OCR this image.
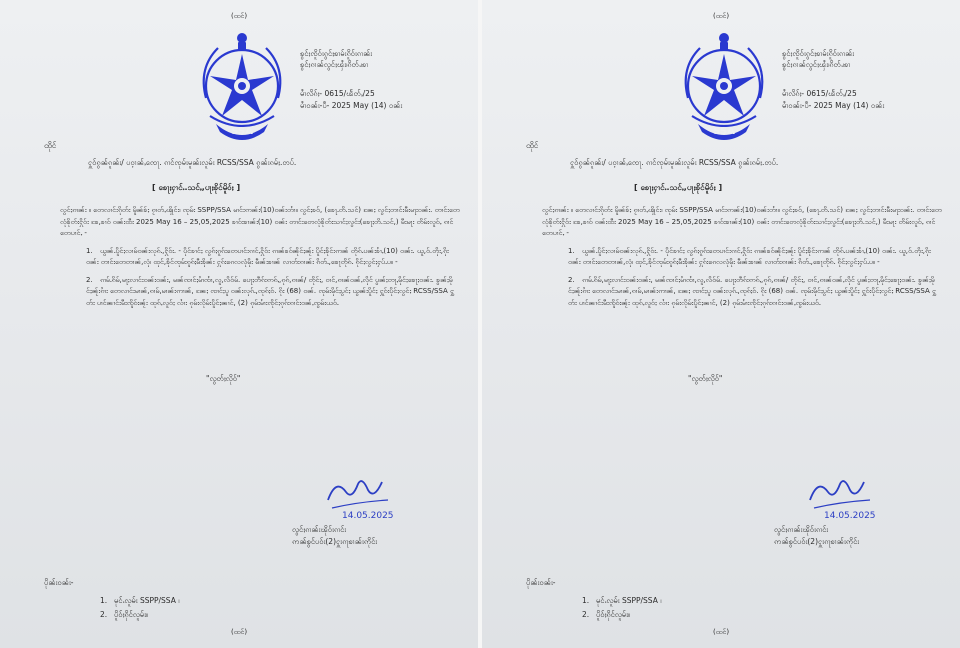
(ထင်)
SSA
ၶွင်ႈၸိူဝ်းၵွင်ႈၶၢမ်းၵိူဝ်းၵၢၼ်း
ၶွင်ႈၵၢၼ်လွင်ႈၾႆး၊ၵိတ်ႉ၊ၶၢ
မၢႆလိၵ်ႈ- 0615/ၽႅတ်ႇ/25
မၢႆဝၼ်း-ပီ- 2025 May (14) ဝၼ်း
ထိုင်
ႁူဝ်ၵွၼ်ၵူၼ်း/ ပဝ့ၢၼ်ႇၸေႃ. ၵၢင်ၸုမ်းမူၼ်းလူမ်း RCSS/SSA ၵွၼ်းၵမ်ႈ.တပ်.
[ ၶေႃႈႁၢင်ႉ.သင်ႇ,ပႃႈၶိုင်မိူဝ်ႈ ]

လွင်ႈၵၢၼ်း ။ တေလၢင်းၵိုတ်း မိူၼ်ၶ်ႈ ၵႂၢတ်ႇၾိုင်း၊ ၸုမ်း SSPP/SSA မၢင်းဢၼ်း(10)ဝၼ်းတၢႆ။ လွင်ႈၶဝ်, (ၶေႃႉတိ.သင်) ၼႄႈ လွင်ႈတၢင်းမီးမႃးဝၼ်း. တၢင်းတေလုံၶိုတ်းႁိုဝ်း ၶႄ,ၶၢဝ် ဝၼ်းထီး 2025 May 16 – 25,05,2025 ၶၢဝ်းၶၢၼ်း(10) ဝၼ်း တၢင်းတေလုံၶိုတ်းသၢင်ႈလွင်း(ၶေႃႈတိ.သင်,) မီးမႃး တိမ်းလူဝ်ႇ ၵၢင်တေပၢင်ႇ -

1. ယွၼ်ႉပိူင်ႈလၢမ်ဝၼ်းလုၵ်ႉ,ႁိုဝ်း. - ပိုင်ၶၢင်ႈ လွၵ်ႈၵူၵ်းတေပၢင်းၵၢင်ႇႁိုဝ်း ၵၢၼ်ၶဝ်ၼိုင်ႈၼႂ်း ပိူင်ႈၶိုင်းဢၼ် တိုၵ်ႉပၼ်းၶၢႆႇ(10) ဝၼ်း. ယူ,ဝ်.တိုး,ၵိုးဝၼ်း တၢင်းတေတၢၼ်,လုံ၊ ထုင်,ၶိုင်ၸုမ်းၵူၵ်ႈမီးၶိုၼ်း ႁုၵ်းၵေလလုံမိုး မဵၼ်းၶၢၼ် လၢတ်းၵၢၼ်း ၵိတ်ႉ,ၶေႃတိုၵ်ႉ ၵိုင်ႈလွင်ႈႁပ်ႉပ။ -

2. ၵၢမ်ႉၵိမ်,မႃႈလၢင်းဝၼ်းဝၼ်း, မၼ်ၸၢင်ႈမၢႆၸၢႆ,လူ,လိဝ်မ်. ပေႃႈတဵၵ်းဢၵ်ႇ,ၵုၵ်,ၵၢၼ်/ တိုင်ႈ, ဝၢင်,ၵၢၼ်ဝၼ်ႇလိုင် ပွၼ်ႈတႃႇမိုင်ႈၶေႃႈဝၼ်း. ၶွၼ်ႈမိုင်ႈၼႂ်းၵၢႆး တေလၢင်းမၢၼ်,ၵၢမ်,မၢၼ်းဢၢၼ်, ၼႄႈ ၸၢင်ႈပူ ဝၼ်းလုၵ်ႉ,ၸုၵ်ႈဝ်. ၵိုး (68) ဝၼ်. ၸုမ်းမိုင်ႈပွင်ႈ ယွၼ်းပိူင်ႈ ႁူဝ်းပိုင်ႈလွင်ႈ RCSS/SSA ႁွတ်း ပၢင်ၼၢင်းမီးၸိူဝ်းၼႂ်း ထုၵ်ႇလူဝ်ႈ လၢႆး ၵုမ်းလိုမ်းပိူင်ႈၼၢင်, (2) ၵုမ်းမၢႆးၸိုင်ႈၵုၵ်းၵၢင်းဝၼ်ႇၸွမ်းယဝ်ႉ

"လွတ်ႈလိုဝ်"
14.05.2025
လွင်ႈၵၢၼ်းၽိုဝ်းၵၢင်း
ဢၼ်ၶွင်ပဝ်း(2)ႁူးၵႃၶၢၼ်းဢိုင်း
ပိုၼ်းဝၼ်း-
1. မုင်ႉလူမ်း SSPP/SSA ၊
2. ပိူဝ်ႈၵိုင်လူမ်း။
(ထင်)
(ထင်)
SSA
ၶွင်ႈၸိူဝ်းၵွင်ႈၶၢမ်းၵိူဝ်းၵၢၼ်း
ၶွင်ႈၵၢၼ်လွင်ႈၾႆး၊ၵိတ်ႉ၊ၶၢ
မၢႆလိၵ်ႈ- 0615/ၽႅတ်ႇ/25
မၢႆဝၼ်း-ပီ- 2025 May (14) ဝၼ်း
ထိုင်
ႁူဝ်ၵွၼ်ၵူၼ်း/ ပဝ့ၢၼ်ႇၸေႃ. ၵၢင်ၸုမ်းမူၼ်းလူမ်း RCSS/SSA ၵွၼ်းၵမ်ႈ.တပ်.
[ ၶေႃႈႁၢင်ႉ.သင်ႇ,ပႃႈၶိုင်မိူဝ်ႈ ]

လွင်ႈၵၢၼ်း ။ တေလၢင်းၵိုတ်း မိူၼ်ၶ်ႈ ၵႂၢတ်ႇၾိုင်း၊ ၸုမ်း SSPP/SSA မၢင်းဢၼ်း(10)ဝၼ်းတၢႆ။ လွင်ႈၶဝ်, (ၶေႃႉတိ.သင်) ၼႄႈ လွင်ႈတၢင်းမီးမႃးဝၼ်း. တၢင်းတေလုံၶိုတ်းႁိုဝ်း ၶႄ,ၶၢဝ် ဝၼ်းထီး 2025 May 16 – 25,05,2025 ၶၢဝ်းၶၢၼ်း(10) ဝၼ်း တၢင်းတေလုံၶိုတ်းသၢင်ႈလွင်း(ၶေႃႈတိ.သင်,) မီးမႃး တိမ်းလူဝ်ႇ ၵၢင်တေပၢင်ႇ -

1. ယွၼ်ႉပိူင်ႈလၢမ်ဝၼ်းလုၵ်ႉ,ႁိုဝ်း. - ပိုင်ၶၢင်ႈ လွၵ်ႈၵူၵ်းတေပၢင်းၵၢင်ႇႁိုဝ်း ၵၢၼ်ၶဝ်ၼိုင်ႈၼႂ်း ပိူင်ႈၶိုင်းဢၼ် တိုၵ်ႉပၼ်းၶၢႆႇ(10) ဝၼ်း. ယူ,ဝ်.တိုး,ၵိုးဝၼ်း တၢင်းတေတၢၼ်,လုံ၊ ထုင်,ၶိုင်ၸုမ်းၵူၵ်ႈမီးၶိုၼ်း ႁုၵ်းၵေလလုံမိုး မဵၼ်းၶၢၼ် လၢတ်းၵၢၼ်း ၵိတ်ႉ,ၶေႃတိုၵ်ႉ ၵိုင်ႈလွင်ႈႁပ်ႉပ။ -

2. ၵၢမ်ႉၵိမ်,မႃႈလၢင်းဝၼ်းဝၼ်း, မၼ်ၸၢင်ႈမၢႆၸၢႆ,လူ,လိဝ်မ်. ပေႃႈတဵၵ်းဢၵ်ႇ,ၵုၵ်,ၵၢၼ်/ တိုင်ႈ, ဝၢင်,ၵၢၼ်ဝၼ်ႇလိုင် ပွၼ်ႈတႃႇမိုင်ႈၶေႃႈဝၼ်း. ၶွၼ်ႈမိုင်ႈၼႂ်းၵၢႆး တေလၢင်းမၢၼ်,ၵၢမ်,မၢၼ်းဢၢၼ်, ၼႄႈ ၸၢင်ႈပူ ဝၼ်းလုၵ်ႉ,ၸုၵ်ႈဝ်. ၵိုး (68) ဝၼ်. ၸုမ်းမိုင်ႈပွင်ႈ ယွၼ်းပိူင်ႈ ႁူဝ်းပိုင်ႈလွင်ႈ RCSS/SSA ႁွတ်း ပၢင်ၼၢင်းမီးၸိူဝ်းၼႂ်း ထုၵ်ႇလူဝ်ႈ လၢႆး ၵုမ်းလိုမ်းပိူင်ႈၼၢင်, (2) ၵုမ်းမၢႆးၸိုင်ႈၵုၵ်းၵၢင်းဝၼ်ႇၸွမ်းယဝ်ႉ

"လွတ်ႈလိုဝ်"
14.05.2025
လွင်ႈၵၢၼ်းၽိုဝ်းၵၢင်း
ဢၼ်ၶွင်ပဝ်း(2)ႁူးၵႃၶၢၼ်းဢိုင်း
ပိုၼ်းဝၼ်း-
1. မုင်ႉလူမ်း SSPP/SSA ၊
2. ပိူဝ်ႈၵိုင်လူမ်း။
(ထင်)
